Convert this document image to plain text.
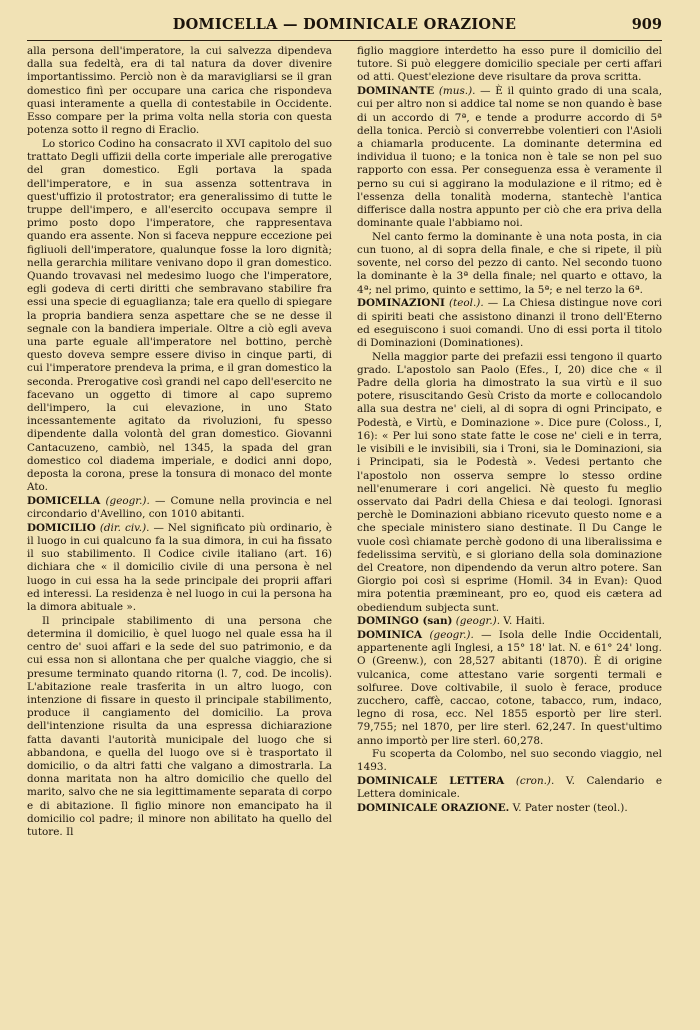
DOMICELLA — DOMINICALE ORAZIONE	909

alla persona dell'imperatore, la cui salvezza dipendeva dalla sua fedeltà, era di tal natura da dover divenire importantissimo. Perciò non è da maravigliarsi se il gran domestico finì per occupare una carica che rispondeva quasi interamente a quella di contestabile in Occidente. Esso compare per la prima volta nella storia con questa potenza sotto il regno di Eraclio.

Lo storico Codino ha consacrato il XVI capitolo del suo trattato Degli uffizii della corte imperiale alle prerogative del gran domestico. Egli portava la spada dell'imperatore, e in sua assenza sottentrava in quest'uffizio il protostrator; era generalissimo di tutte le truppe dell'impero, e all'esercito occupava sempre il primo posto dopo l'imperatore, che rappresentava quando era assente. Non si faceva neppure eccezione pei figliuoli dell'imperatore, qualunque fosse la loro dignità; nella gerarchia militare venivano dopo il gran domestico. Quando trovavasi nel medesimo luogo che l'imperatore, egli godeva di certi diritti che sembravano stabilire fra essi una specie di eguaglianza; tale era quello di spiegare la propria bandiera senza aspettare che se ne desse il segnale con la bandiera imperiale. Oltre a ciò egli aveva una parte eguale all'imperatore nel bottino, perchè questo doveva sempre essere diviso in cinque parti, di cui l'imperatore prendeva la prima, e il gran domestico la seconda. Prerogative così grandi nel capo dell'esercito ne facevano un oggetto di timore al capo supremo dell'impero, la cui elevazione, in uno Stato incessantemente agitato da rivoluzioni, fu spesso dipendente dalla volontà del gran domestico. Giovanni Cantacuzeno, cambiò, nel 1345, la spada del gran domestico col diadema imperiale, e dodici anni dopo, deposta la corona, prese la tonsura di monaco del monte Ato.

DOMICELLA (geogr.). — Comune nella provincia e nel circondario d'Avellino, con 1010 abitanti.

DOMICILIO (dir. civ.). — Nel significato più ordinario, è il luogo in cui qualcuno fa la sua dimora, in cui ha fissato il suo stabilimento. Il Codice civile italiano (art. 16) dichiara che « il domicilio civile di una persona è nel luogo in cui essa ha la sede principale dei proprii affari ed interessi. La residenza è nel luogo in cui la persona ha la dimora abituale ».

Il principale stabilimento di una persona che determina il domicilio, è quel luogo nel quale essa ha il centro de' suoi affari e la sede del suo patrimonio, e da cui essa non si allontana che per qualche viaggio, che si presume terminato quando ritorna (l. 7, cod. De incolis). L'abitazione reale trasferita in un altro luogo, con intenzione di fissare in questo il principale stabilimento, produce il cangiamento del domicilio. La prova dell'intenzione risulta da una espressa dichiarazione fatta davanti l'autorità municipale del luogo che si abbandona, e quella del luogo ove si è trasportato il domicilio, o da altri fatti che valgano a dimostrarla. La donna maritata non ha altro domicilio che quello del marito, salvo che ne sia legittimamente separata di corpo e di abitazione. Il figlio minore non emancipato ha il domicilio col padre; il minore non abilitato ha quello del tutore. Il

figlio maggiore interdetto ha esso pure il domicilio del tutore. Si può eleggere domicilio speciale per certi affari od atti. Quest'elezione deve risultare da prova scritta.

DOMINANTE (mus.). — È il quinto grado di una scala, cui per altro non si addice tal nome se non quando è base di un accordo di 7ª, e tende a produrre accordo di 5ª della tonica. Perciò si converrebbe volentieri con l'Asioli a chiamarla producente. La dominante determina ed individua il tuono; e la tonica non è tale se non pel suo rapporto con essa. Per conseguenza essa è veramente il perno su cui si aggirano la modulazione e il ritmo; ed è l'essenza della tonalità moderna, stantechè l'antica differisce dalla nostra appunto per ciò che era priva della dominante quale l'abbiamo noi.

Nel canto fermo la dominante è una nota posta, in cia cun tuono, al di sopra della finale, e che si ripete, il più sovente, nel corso del pezzo di canto. Nel secondo tuono la dominante è la 3ª della finale; nel quarto e ottavo, la 4ª; nel primo, quinto e settimo, la 5ª; e nel terzo la 6ª.

DOMINAZIONI (teol.). — La Chiesa distingue nove cori di spiriti beati che assistono dinanzi il trono dell'Eterno ed eseguiscono i suoi comandi. Uno di essi porta il titolo di Dominazioni (Dominationes).

Nella maggior parte dei prefazii essi tengono il quarto grado. L'apostolo san Paolo (Efes., I, 20) dice che « il Padre della gloria ha dimostrato la sua virtù e il suo potere, risuscitando Gesù Cristo da morte e collocandolo alla sua destra ne' cieli, al di sopra di ogni Principato, e Podestà, e Virtù, e Dominazione ». Dice pure (Coloss., I, 16): « Per lui sono state fatte le cose ne' cieli e in terra, le visibili e le invisibili, sia i Troni, sia le Dominazioni, sia i Principati, sia le Podestà ». Vedesi pertanto che l'apostolo non osserva sempre lo stesso ordine nell'enumerare i cori angelici. Nè questo fu meglio osservato dai Padri della Chiesa e dai teologi. Ignorasi perchè le Dominazioni abbiano ricevuto questo nome e a che speciale ministero siano destinate. Il Du Cange le vuole così chiamate perchè godono di una liberalissima e fedelissima servitù, e si gloriano della sola dominazione del Creatore, non dipendendo da verun altro potere. San Giorgio poi così si esprime (Homil. 34 in Evan): Quod mira potentia præmineant, pro eo, quod eis cætera ad obediendum subjecta sunt.

DOMINGO (san) (geogr.). V. Haiti.

DOMINICA (geogr.). — Isola delle Indie Occidentali, appartenente agli Inglesi, a 15° 18' lat. N. e 61° 24' long. O (Greenw.), con 28,527 abitanti (1870). È di origine vulcanica, come attestano varie sorgenti termali e solfuree. Dove coltivabile, il suolo è ferace, produce zucchero, caffè, caccao, cotone, tabacco, rum, indaco, legno di rosa, ecc. Nel 1855 esportò per lire sterl. 79,755; nel 1870, per lire sterl. 62,247. In quest'ultimo anno importò per lire sterl. 60,278.

Fu scoperta da Colombo, nel suo secondo viaggio, nel 1493.

DOMINICALE LETTERA (cron.). V. Calendario e Lettera dominicale.

DOMINICALE ORAZIONE. V. Pater noster (teol.).
